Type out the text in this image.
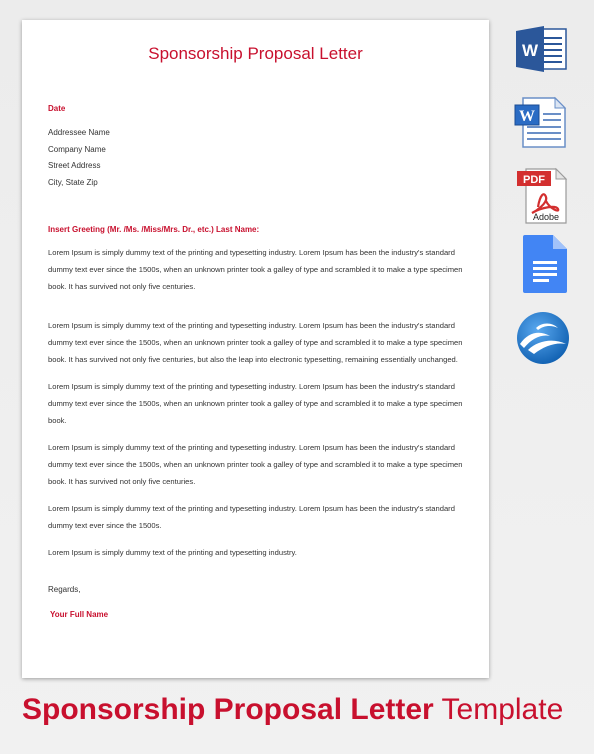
Sponsorship Proposal Letter
Date
Addressee Name
Company Name
Street Address
City, State Zip
Insert Greeting (Mr. /Ms. /Miss/Mrs. Dr., etc.) Last Name:

Lorem Ipsum is simply dummy text of the printing and typesetting industry. Lorem Ipsum has been the industry's standard dummy text ever since the 1500s, when an unknown printer took a galley of type and scrambled it to make a type specimen book. It has survived not only five centuries.

Lorem Ipsum is simply dummy text of the printing and typesetting industry. Lorem Ipsum has been the industry's standard dummy text ever since the 1500s, when an unknown printer took a galley of type and scrambled it to make a type specimen book. It has survived not only five centuries, but also the leap into electronic typesetting, remaining essentially unchanged.

Lorem Ipsum is simply dummy text of the printing and typesetting industry. Lorem Ipsum has been the industry's standard dummy text ever since the 1500s, when an unknown printer took a galley of type and scrambled it to make a type specimen book.

Lorem Ipsum is simply dummy text of the printing and typesetting industry. Lorem Ipsum has been the industry's standard dummy text ever since the 1500s, when an unknown printer took a galley of type and scrambled it to make a type specimen book. It has survived not only five centuries.

Lorem Ipsum is simply dummy text of the printing and typesetting industry. Lorem Ipsum has been the industry's standard dummy text ever since the 1500s.

Lorem Ipsum is simply dummy text of the printing and typesetting industry.

Regards,
Your Full Name
W
W
PDF
Adobe
Sponsorship Proposal Letter Template
